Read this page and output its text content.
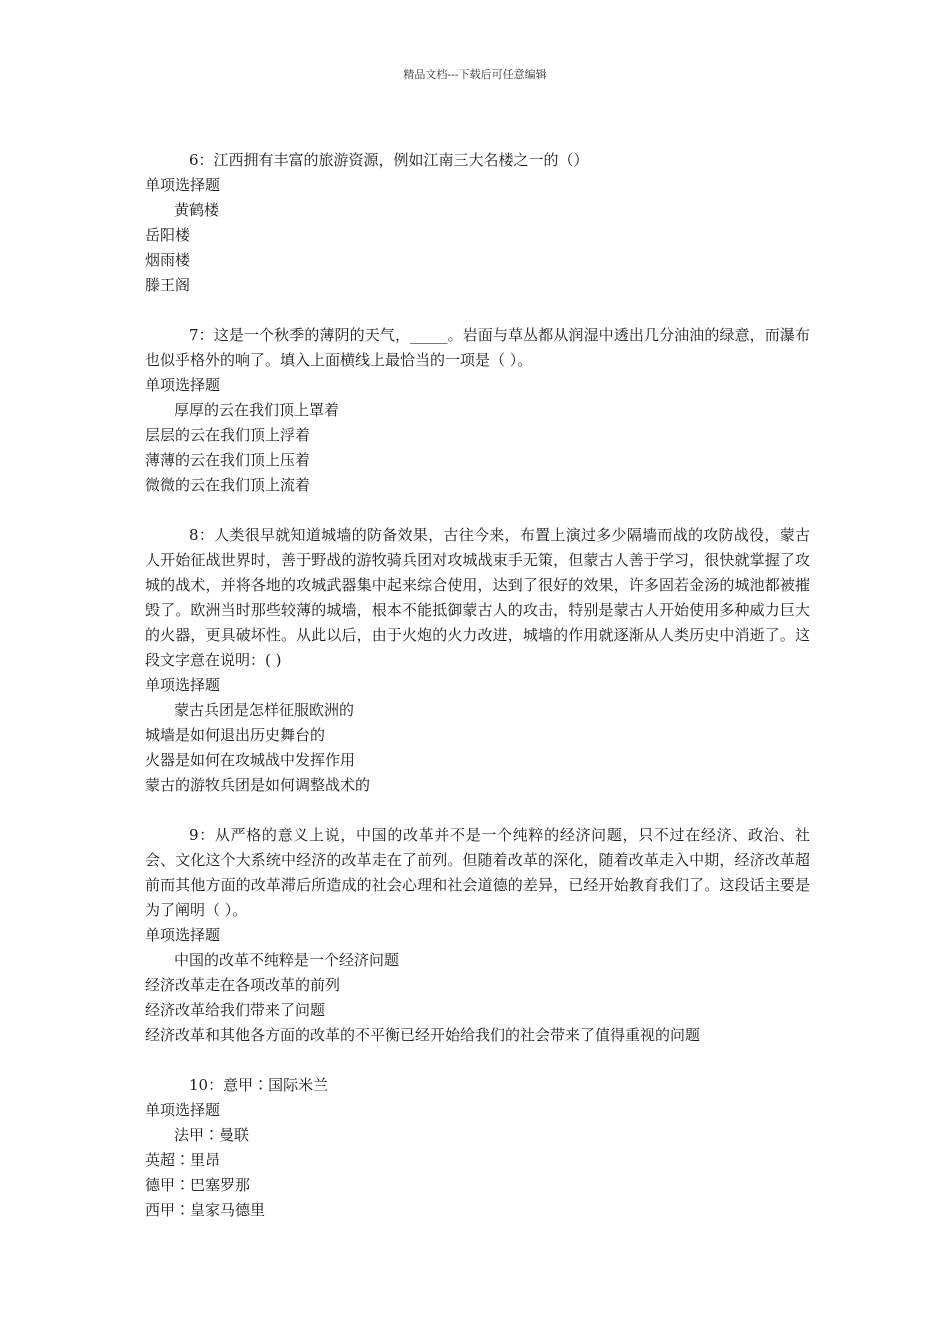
精品文档---下载后可任意编辑

6：江西拥有丰富的旅游资源，例如江南三大名楼之一的（）

单项选择题

黄鹤楼

岳阳楼

烟雨楼

滕王阁

7：这是一个秋季的薄阴的天气，_____。岩面与草丛都从润湿中透出几分油油的绿意，而瀑布也似乎格外的响了。填入上面横线上最恰当的一项是（ ）。

单项选择题

厚厚的云在我们顶上罩着

层层的云在我们顶上浮着

薄薄的云在我们顶上压着

微微的云在我们顶上流着

8：人类很早就知道城墙的防备效果，古往今来，布置上演过多少隔墙而战的攻防战役，蒙古人开始征战世界时，善于野战的游牧骑兵团对攻城战束手无策，但蒙古人善于学习，很快就掌握了攻城的战术，并将各地的攻城武器集中起来综合使用，达到了很好的效果，许多固若金汤的城池都被摧毁了。欧洲当时那些较薄的城墙，根本不能抵御蒙古人的攻击，特别是蒙古人开始使用多种威力巨大的火器，更具破坏性。从此以后，由于火炮的火力改进，城墙的作用就逐渐从人类历史中消逝了。这段文字意在说明：( )

单项选择题

蒙古兵团是怎样征服欧洲的

城墙是如何退出历史舞台的

火器是如何在攻城战中发挥作用

蒙古的游牧兵团是如何调整战术的

9：从严格的意义上说，中国的改革并不是一个纯粹的经济问题，只不过在经济、政治、社会、文化这个大系统中经济的改革走在了前列。但随着改革的深化，随着改革走入中期，经济改革超前而其他方面的改革滞后所造成的社会心理和社会道德的差异，已经开始教育我们了。这段话主要是为了阐明（ ）。

单项选择题

中国的改革不纯粹是一个经济问题

经济改革走在各项改革的前列

经济改革给我们带来了问题

经济改革和其他各方面的改革的不平衡已经开始给我们的社会带来了值得重视的问题

10：意甲∶国际米兰

单项选择题

法甲∶曼联

英超∶里昂

德甲∶巴塞罗那

西甲∶皇家马德里
